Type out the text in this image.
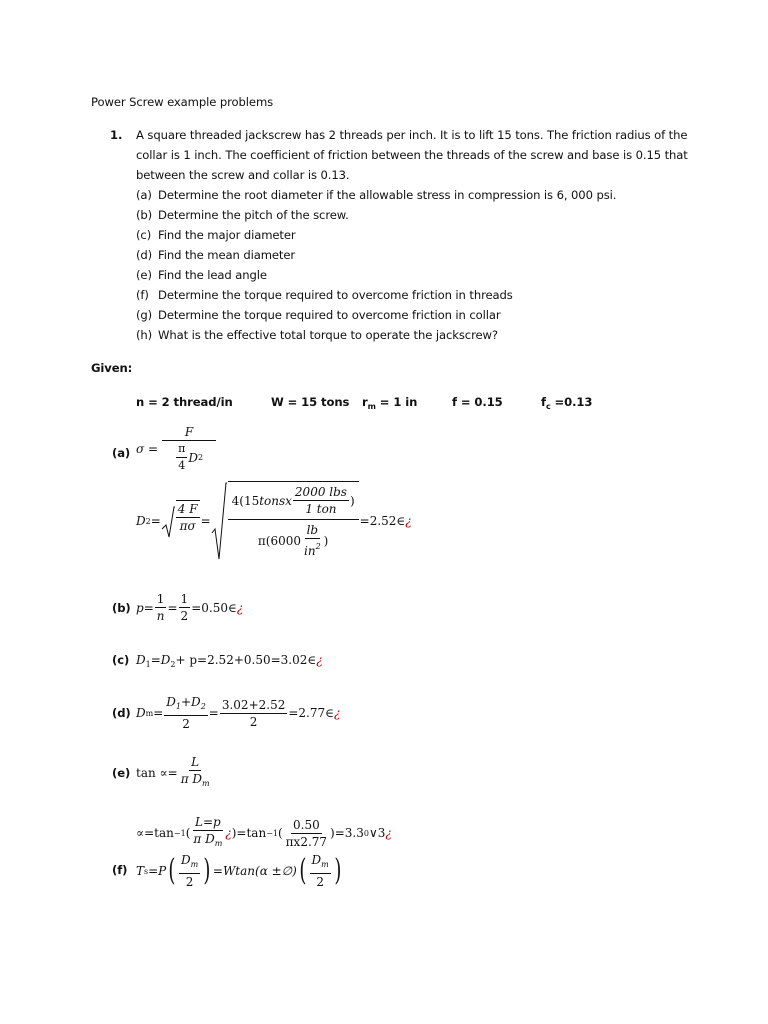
Power Screw example problems
1. A square threaded jackscrew has 2 threads per inch. It is to lift 15 tons. The friction radius of the
collar is 1 inch. The coefficient of friction between the threads of the screw and base is 0.15 that
between the screw and collar is 0.13.
(a) Determine the root diameter if the allowable stress in compression is 6, 000 psi.
(b) Determine the pitch of the screw.
(c) Find the major diameter
(d) Find the mean diameter
(e) Find the lead angle
(f) Determine the torque required to overcome friction in threads
(g) Determine the torque required to overcome friction in collar
(h) What is the effective total torque to operate the jackscrew?
Given:
n = 2 thread/in	W = 15 tons $r_m = 1$ in	f = 0.15	$f_c =0.13$
(a) $\sigma = \frac{F}{\frac{\pi}{4} D 2}$
D $2 = \frac{4 F}{\pi\sigma}$ =
4(15 tonsx $\frac{\text{2000 lbs}}{\text{1 ton}}$ )
$\pi(6000 \frac{lb}{in^2}$ )
=2.52∈ ¿
(b) $p = \frac{1}{n} = \frac{1}{2}$ =0.50∈ ¿
(c) $D_1=D_2+$ p=2.52+0.50=3.02∈¿
(d) D $m = \frac{D_1+D_2}{2} = \frac{3.02+2.52}{2}$ =2.77∈ ¿
(e) $\tan \propto= \frac{L}{\pi D_m}$
∝=tan −1 ( $\frac{L=p}{\pi D_m}$ ¿ )=tan −1 ( $\frac{0.50}{\pi x2.77} )=3.3$ 0 ∨3 ¿
(f) T s =P ( $\frac{D_m}{2}$ ) =Wtan(α ±∅) ( $\frac{D_m}{2}$ )
